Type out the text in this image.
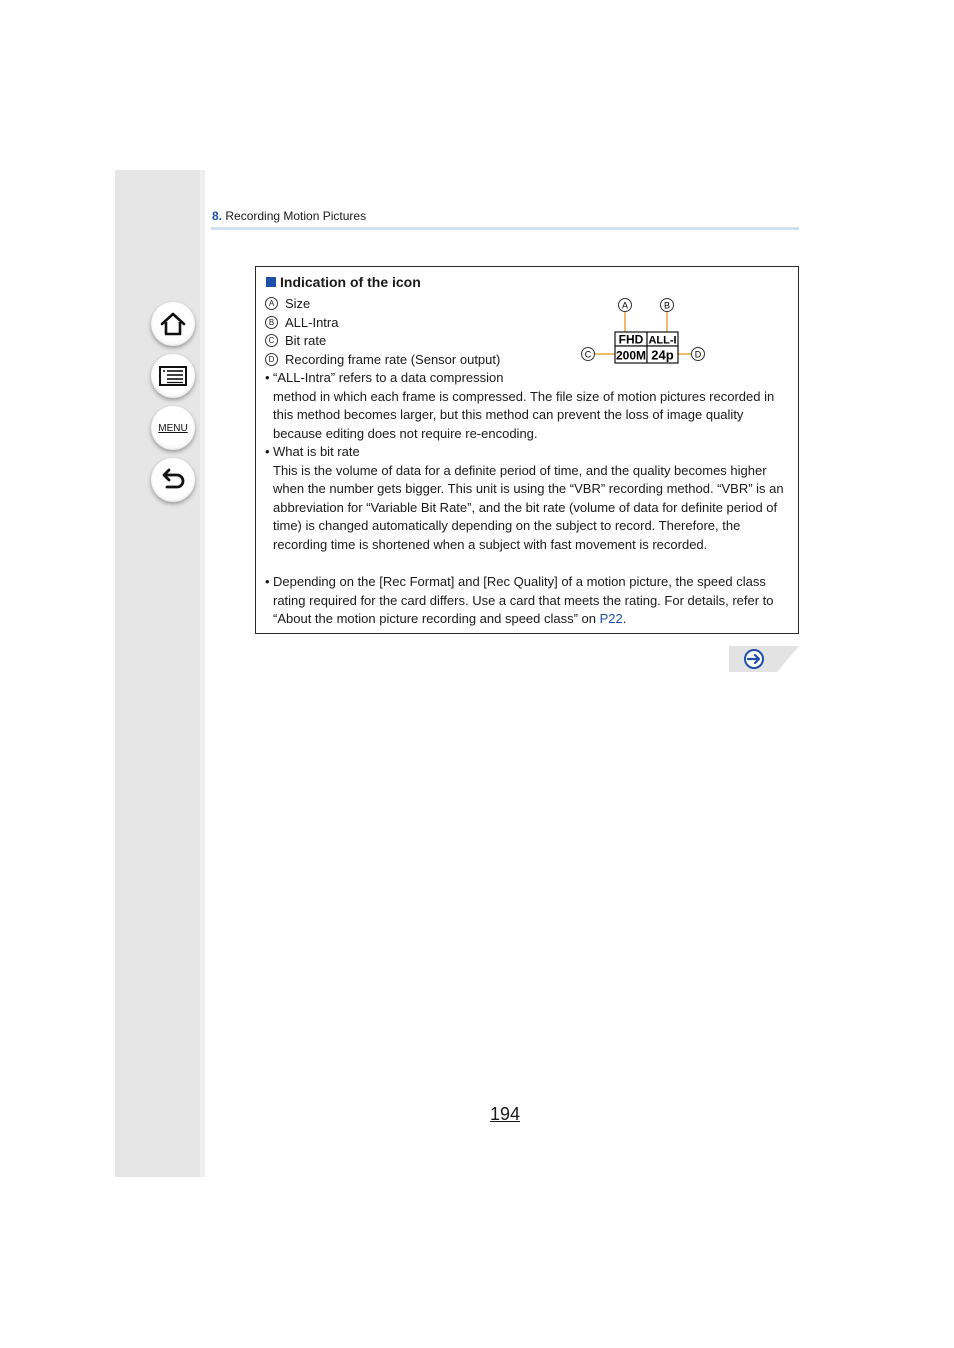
MENU
8. Recording Motion Pictures
Indication of the icon
A Size
B ALL-Intra
C Bit rate
D Recording frame rate (Sensor output)
• “ALL-Intra” refers to a data compression
method in which each frame is compressed. The file size of motion pictures recorded in this method becomes larger, but this method can prevent the loss of image quality because editing does not require re-encoding.
• What is bit rate
This is the volume of data for a definite period of time, and the quality becomes higher when the number gets bigger. This unit is using the “VBR” recording method. “VBR” is an abbreviation for “Variable Bit Rate”, and the bit rate (volume of data for definite period of time) is changed automatically depending on the subject to record. Therefore, the recording time is shortened when a subject with fast movement is recorded.
• Depending on the [Rec Format] and [Rec Quality] of a motion picture, the speed class rating required for the card differs. Use a card that meets the rating. For details, refer to “About the motion picture recording and speed class” on P22.
A	B
C	D
FHD ALL-I
200M 24p
194
